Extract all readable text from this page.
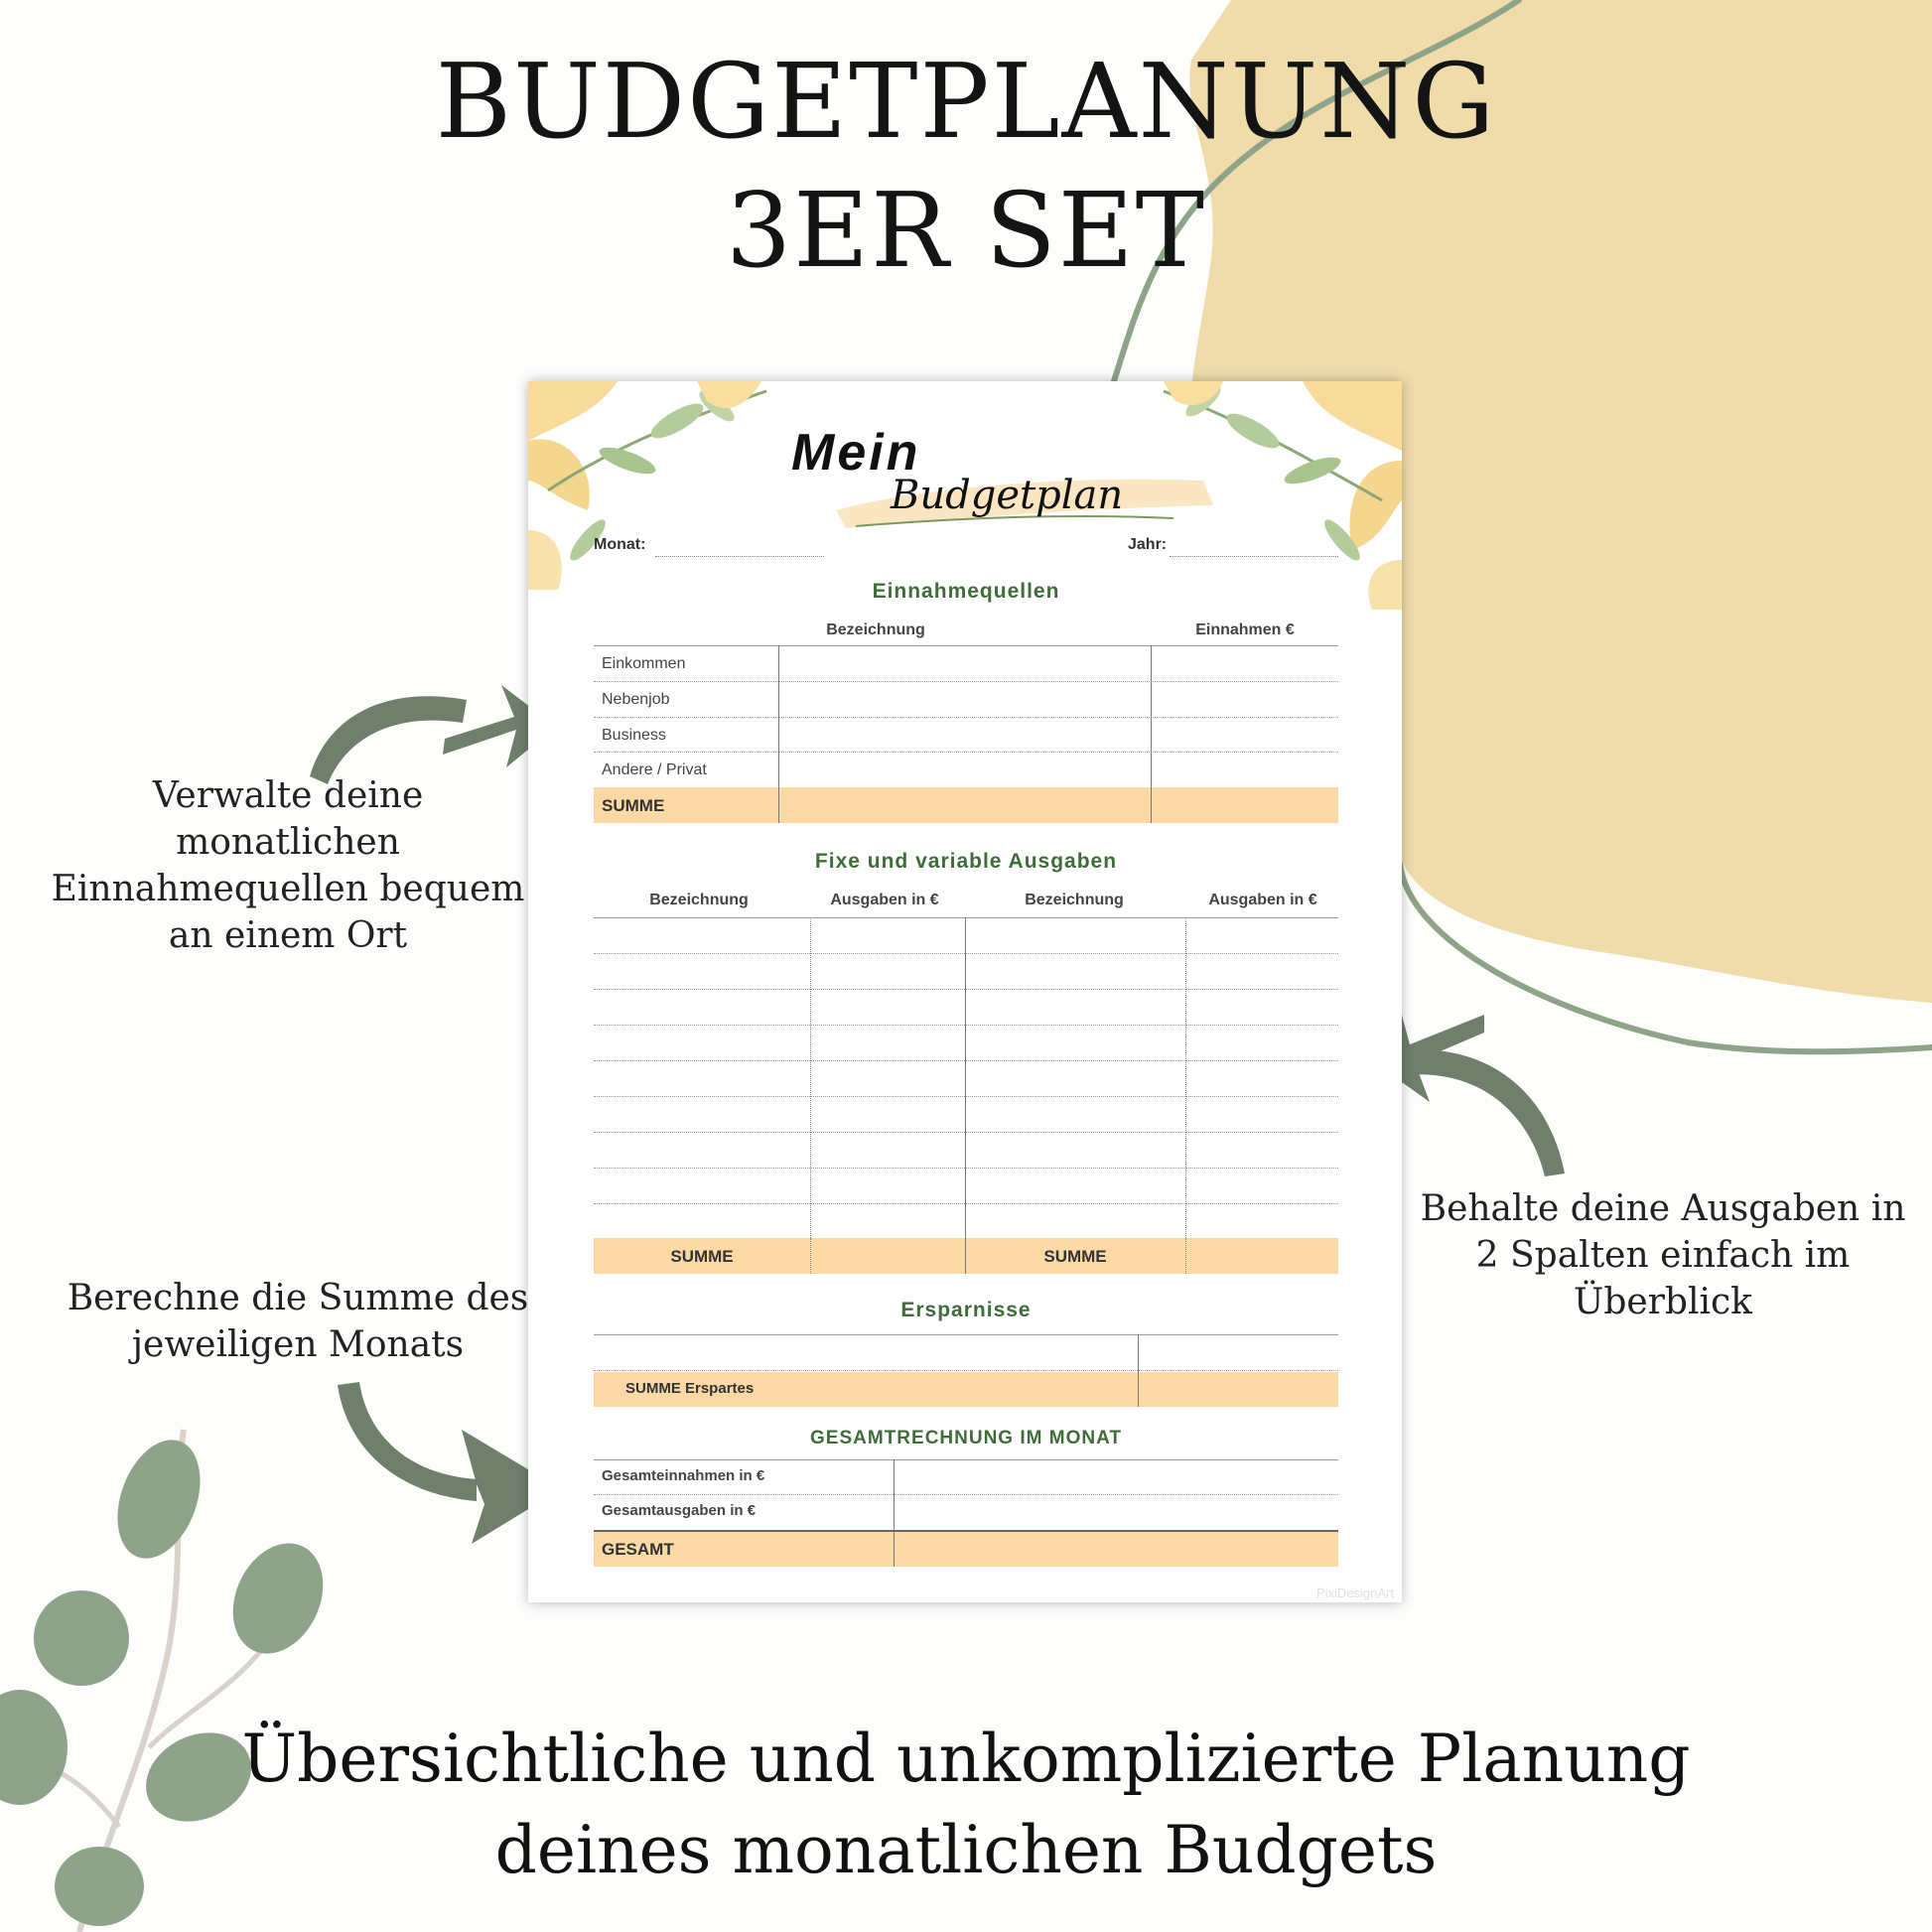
BUDGETPLANUNG
3ER SET
Verwalte deine
monatlichen
Einnahmequellen bequem
an einem Ort
Berechne die Summe des
jeweiligen Monats
Behalte deine Ausgaben in
2 Spalten einfach im
Überblick
Übersichtliche und unkomplizierte Planung
deines monatlichen Budgets
Mein
Budgetplan
Monat:	Jahr:
Einnahmequellen
Bezeichnung	Einnahmen €
Einkommen
Nebenjob
Business
Andere / Privat
SUMME
Fixe und variable Ausgaben
Bezeichnung	Ausgaben in €	Bezeichnung	Ausgaben in €
SUMME	SUMME
Ersparnisse
SUMME Erspartes
GESAMTRECHNUNG IM MONAT
Gesamteinnahmen in €
Gesamtausgaben in €
GESAMT
PixiDesignArt
